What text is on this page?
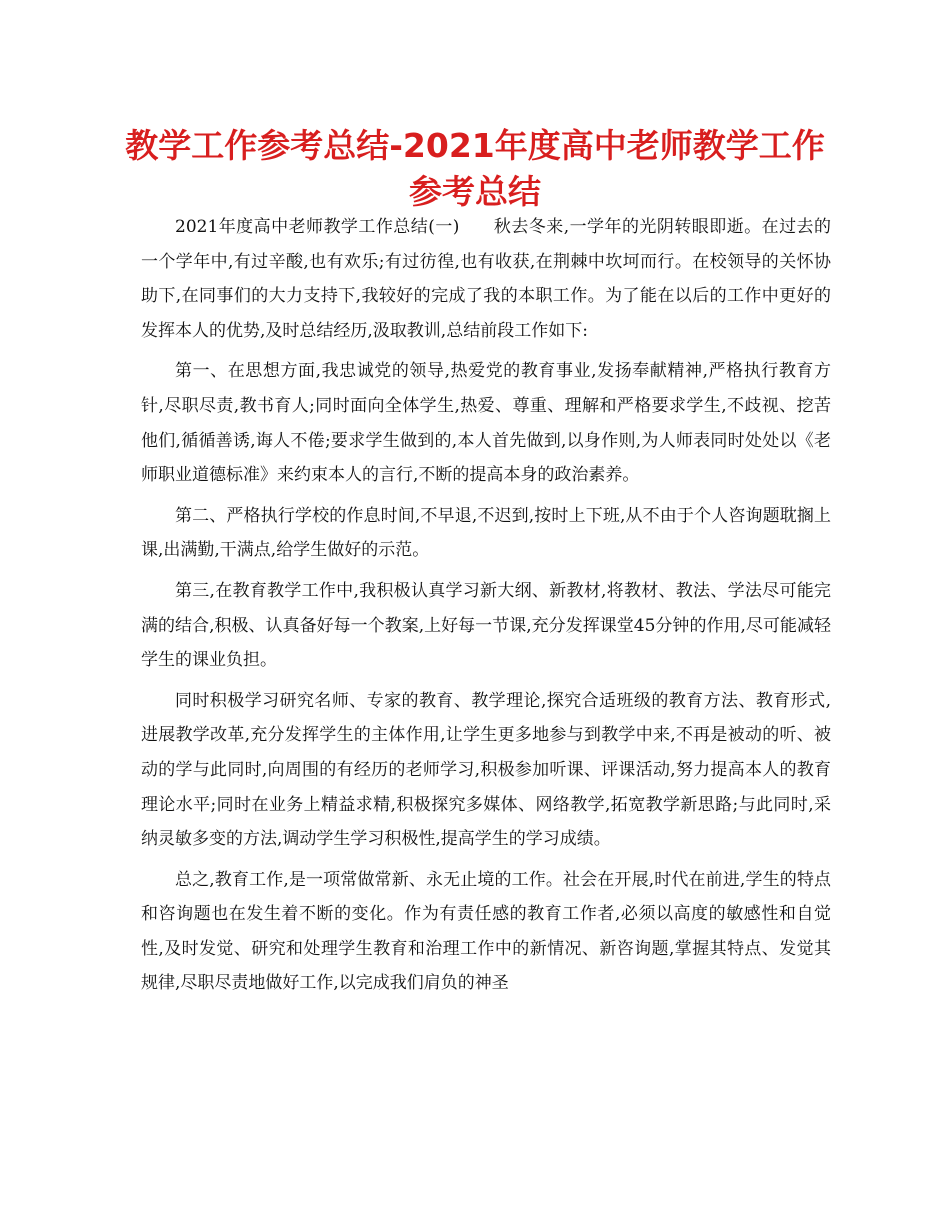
教学工作参考总结-2021年度高中老师教学工作
参考总结

2021年度高中老师教学工作总结(一) 秋去冬来,一学年的光阴转眼即逝。在过去的一个学年中,有过辛酸,也有欢乐;有过彷徨,也有收获,在荆棘中坎坷而行。在校领导的关怀协助下,在同事们的大力支持下,我较好的完成了我的本职工作。为了能在以后的工作中更好的发挥本人的优势,及时总结经历,汲取教训,总结前段工作如下:

第一、在思想方面,我忠诚党的领导,热爱党的教育事业,发扬奉献精神,严格执行教育方针,尽职尽责,教书育人;同时面向全体学生,热爱、尊重、理解和严格要求学生,不歧视、挖苦他们,循循善诱,诲人不倦;要求学生做到的,本人首先做到,以身作则,为人师表同时处处以《老师职业道德标准》来约束本人的言行,不断的提高本身的政治素养。

第二、严格执行学校的作息时间,不早退,不迟到,按时上下班,从不由于个人咨询题耽搁上课,出满勤,干满点,给学生做好的示范。

第三,在教育教学工作中,我积极认真学习新大纲、新教材,将教材、教法、学法尽可能完满的结合,积极、认真备好每一个教案,上好每一节课,充分发挥课堂45分钟的作用,尽可能减轻学生的课业负担。

同时积极学习研究名师、专家的教育、教学理论,探究合适班级的教育方法、教育形式,进展教学改革,充分发挥学生的主体作用,让学生更多地参与到教学中来,不再是被动的听、被动的学与此同时,向周围的有经历的老师学习,积极参加听课、评课活动,努力提高本人的教育理论水平;同时在业务上精益求精,积极探究多媒体、网络教学,拓宽教学新思路;与此同时,采纳灵敏多变的方法,调动学生学习积极性,提高学生的学习成绩。

总之,教育工作,是一项常做常新、永无止境的工作。社会在开展,时代在前进,学生的特点和咨询题也在发生着不断的变化。作为有责任感的教育工作者,必须以高度的敏感性和自觉性,及时发觉、研究和处理学生教育和治理工作中的新情况、新咨询题,掌握其特点、发觉其规律,尽职尽责地做好工作,以完成我们肩负的神圣
